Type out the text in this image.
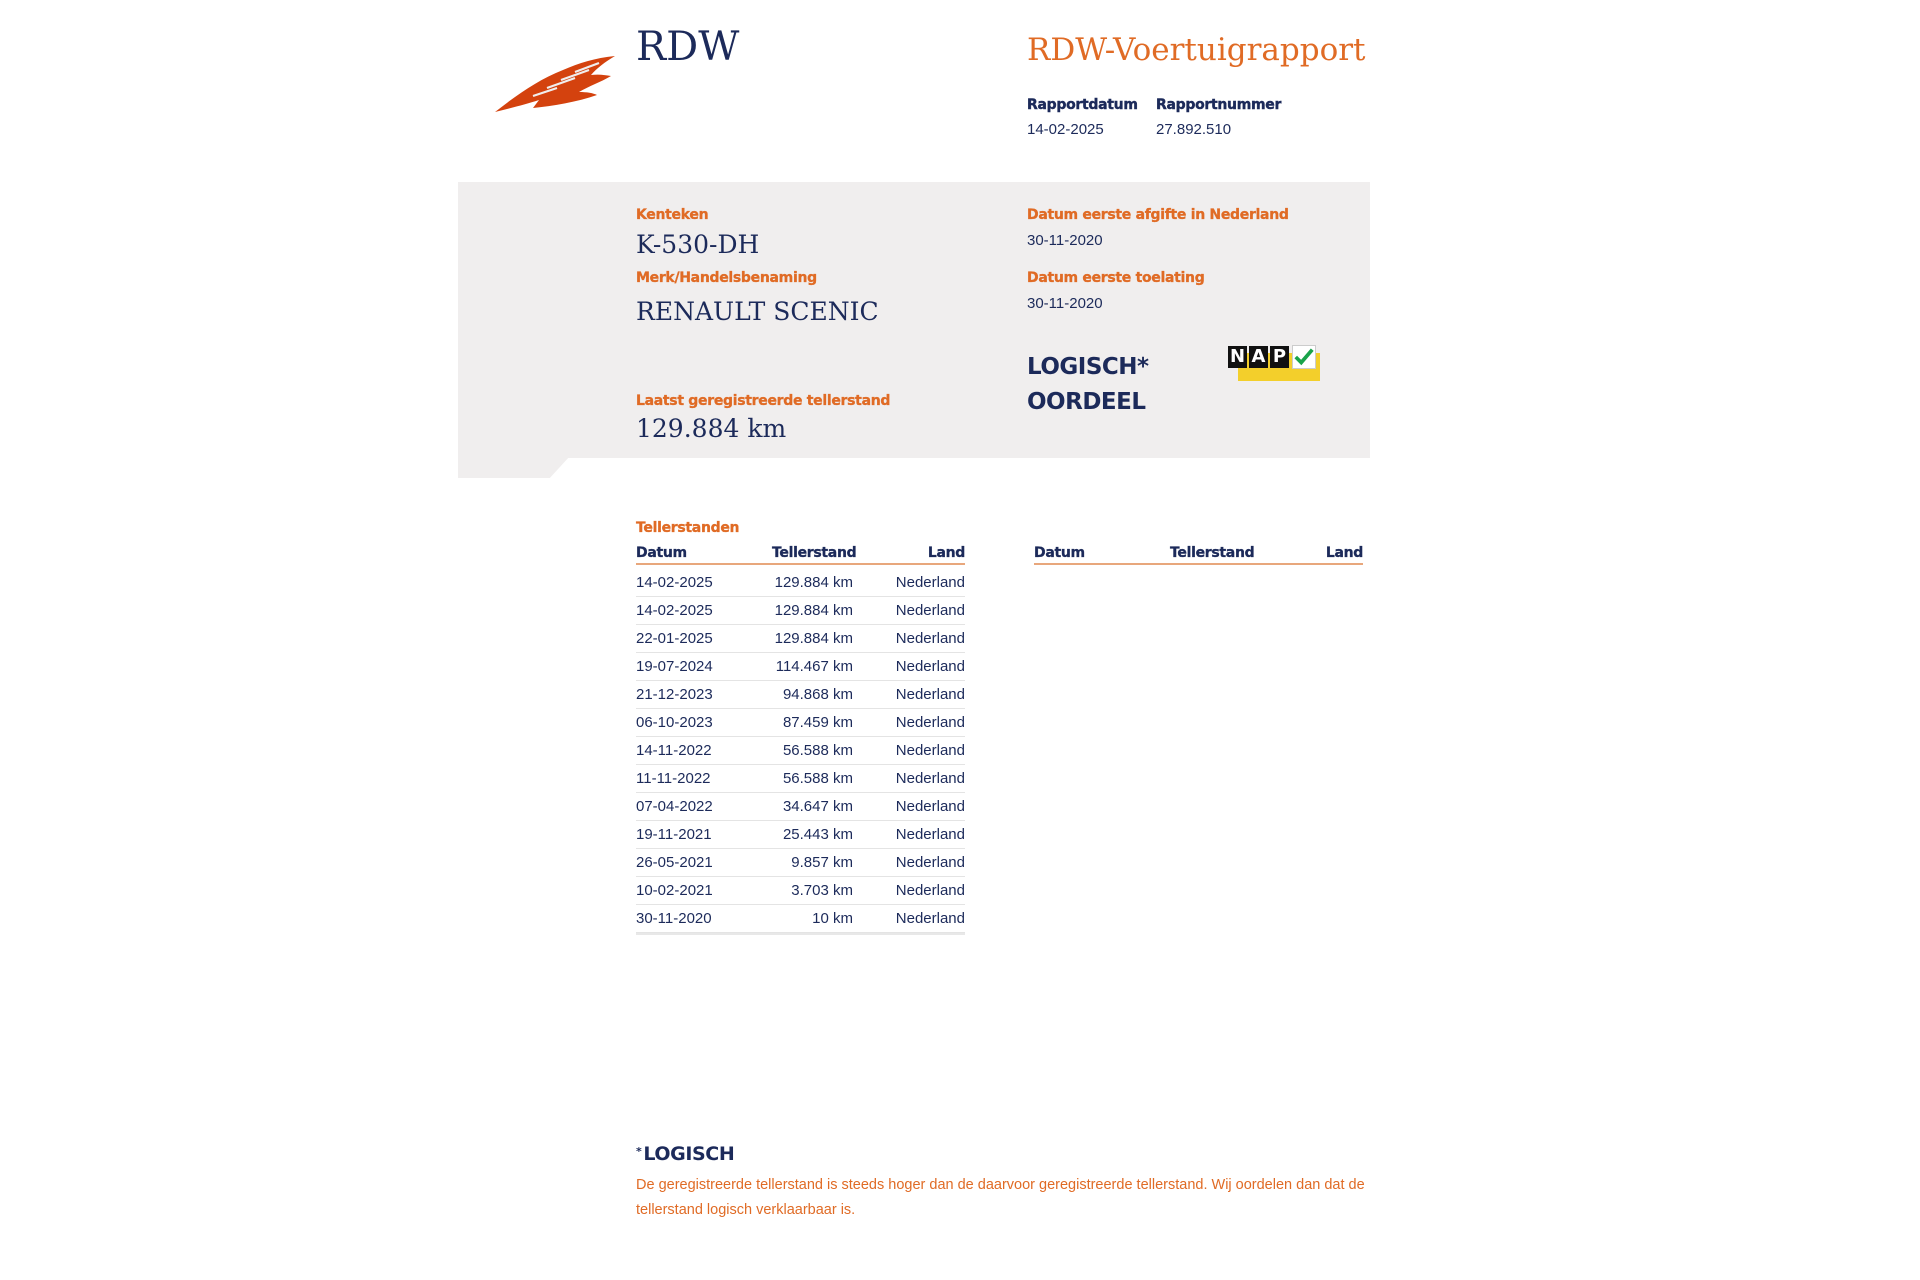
RDW	RDW-Voertuigrapport
Rapportdatum
14-02-2025
Rapportnummer
27.892.510
Kenteken
K-530-DH
Merk/Handelsbenaming
RENAULT SCENIC
Laatst geregistreerde tellerstand
129.884 km
Datum eerste afgifte in Nederland
30-11-2020
Datum eerste toelating
30-11-2020
LOGISCH*
OORDEEL
N A P
Tellerstanden
Datum	Tellerstand	Land	Datum	Tellerstand	Land
14-02-2025	129.884 km	Nederland
14-02-2025	129.884 km	Nederland
22-01-2025	129.884 km	Nederland
19-07-2024	114.467 km	Nederland
21-12-2023	94.868 km	Nederland
06-10-2023	87.459 km	Nederland
14-11-2022	56.588 km	Nederland
11-11-2022	56.588 km	Nederland
07-04-2022	34.647 km	Nederland
19-11-2021	25.443 km	Nederland
26-05-2021	9.857 km	Nederland
10-02-2021	3.703 km	Nederland
30-11-2020	10 km	Nederland
* LOGISCH
De geregistreerde tellerstand is steeds hoger dan de daarvoor geregistreerde tellerstand. Wij oordelen dan dat de tellerstand logisch verklaarbaar is.
